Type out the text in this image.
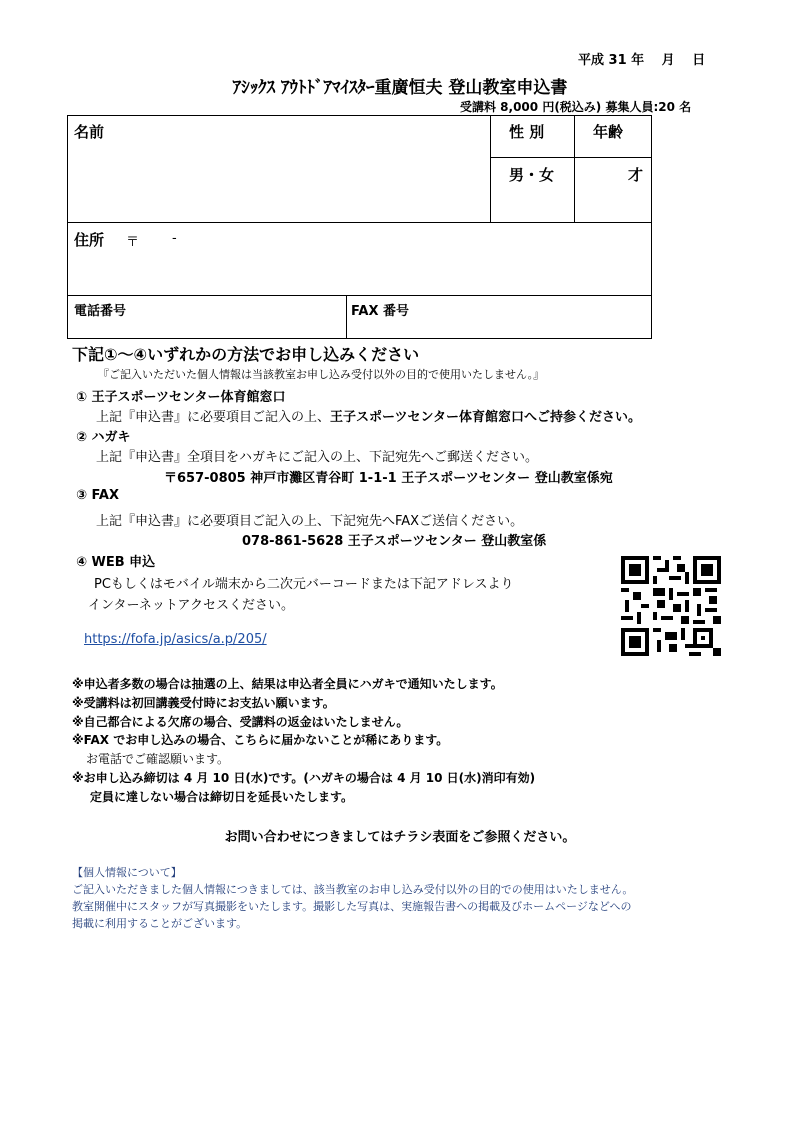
平成 31 年　 月　 日
ｱｼｯｸｽ ｱｳﾄﾄﾞｱﾏｲｽﾀｰ重廣恒夫 登山教室申込書
受講料 8,000 円(税込み) 募集人員:20 名
名前	性 別	年齢
男・女	才
住所 〒	-
電話番号	FAX 番号
下記①～④いずれかの方法でお申し込みください
『ご記入いただいた個人情報は当該教室お申し込み受付以外の目的で使用いたしません。』
① 王子スポーツセンター体育館窓口
上記『申込書』に必要項目ご記入の上、王子スポーツセンター体育館窓口へご持参ください。
② ハガキ
上記『申込書』全項目をハガキにご記入の上、下記宛先へご郵送ください。
〒657-0805 神戸市灘区青谷町 1-1-1 王子スポーツセンター 登山教室係宛
③ FAX
上記『申込書』に必要項目ご記入の上、下記宛先へFAXご送信ください。
078-861-5628 王子スポーツセンター 登山教室係
④ WEB 申込
PCもしくはモバイル端末から二次元バーコードまたは下記アドレスより
インターネットアクセスください。
https://fofa.jp/asics/a.p/205/
※申込者多数の場合は抽選の上、結果は申込者全員にハガキで通知いたします。
※受講料は初回講義受付時にお支払い願います。
※自己都合による欠席の場合、受講料の返金はいたしません。
※FAX でお申し込みの場合、こちらに届かないことが稀にあります。
お電話でご確認願います。
※お申し込み締切は 4 月 10 日(水)です。(ハガキの場合は 4 月 10 日(水)消印有効)
定員に達しない場合は締切日を延長いたします。
お問い合わせにつきましてはチラシ表面をご参照ください。
【個人情報について】
ご記入いただきました個人情報につきましては、該当教室のお申し込み受付以外の目的での使用はいたしません。
教室開催中にスタッフが写真撮影をいたします。撮影した写真は、実施報告書への掲載及びホームページなどへの
掲載に利用することがございます。
